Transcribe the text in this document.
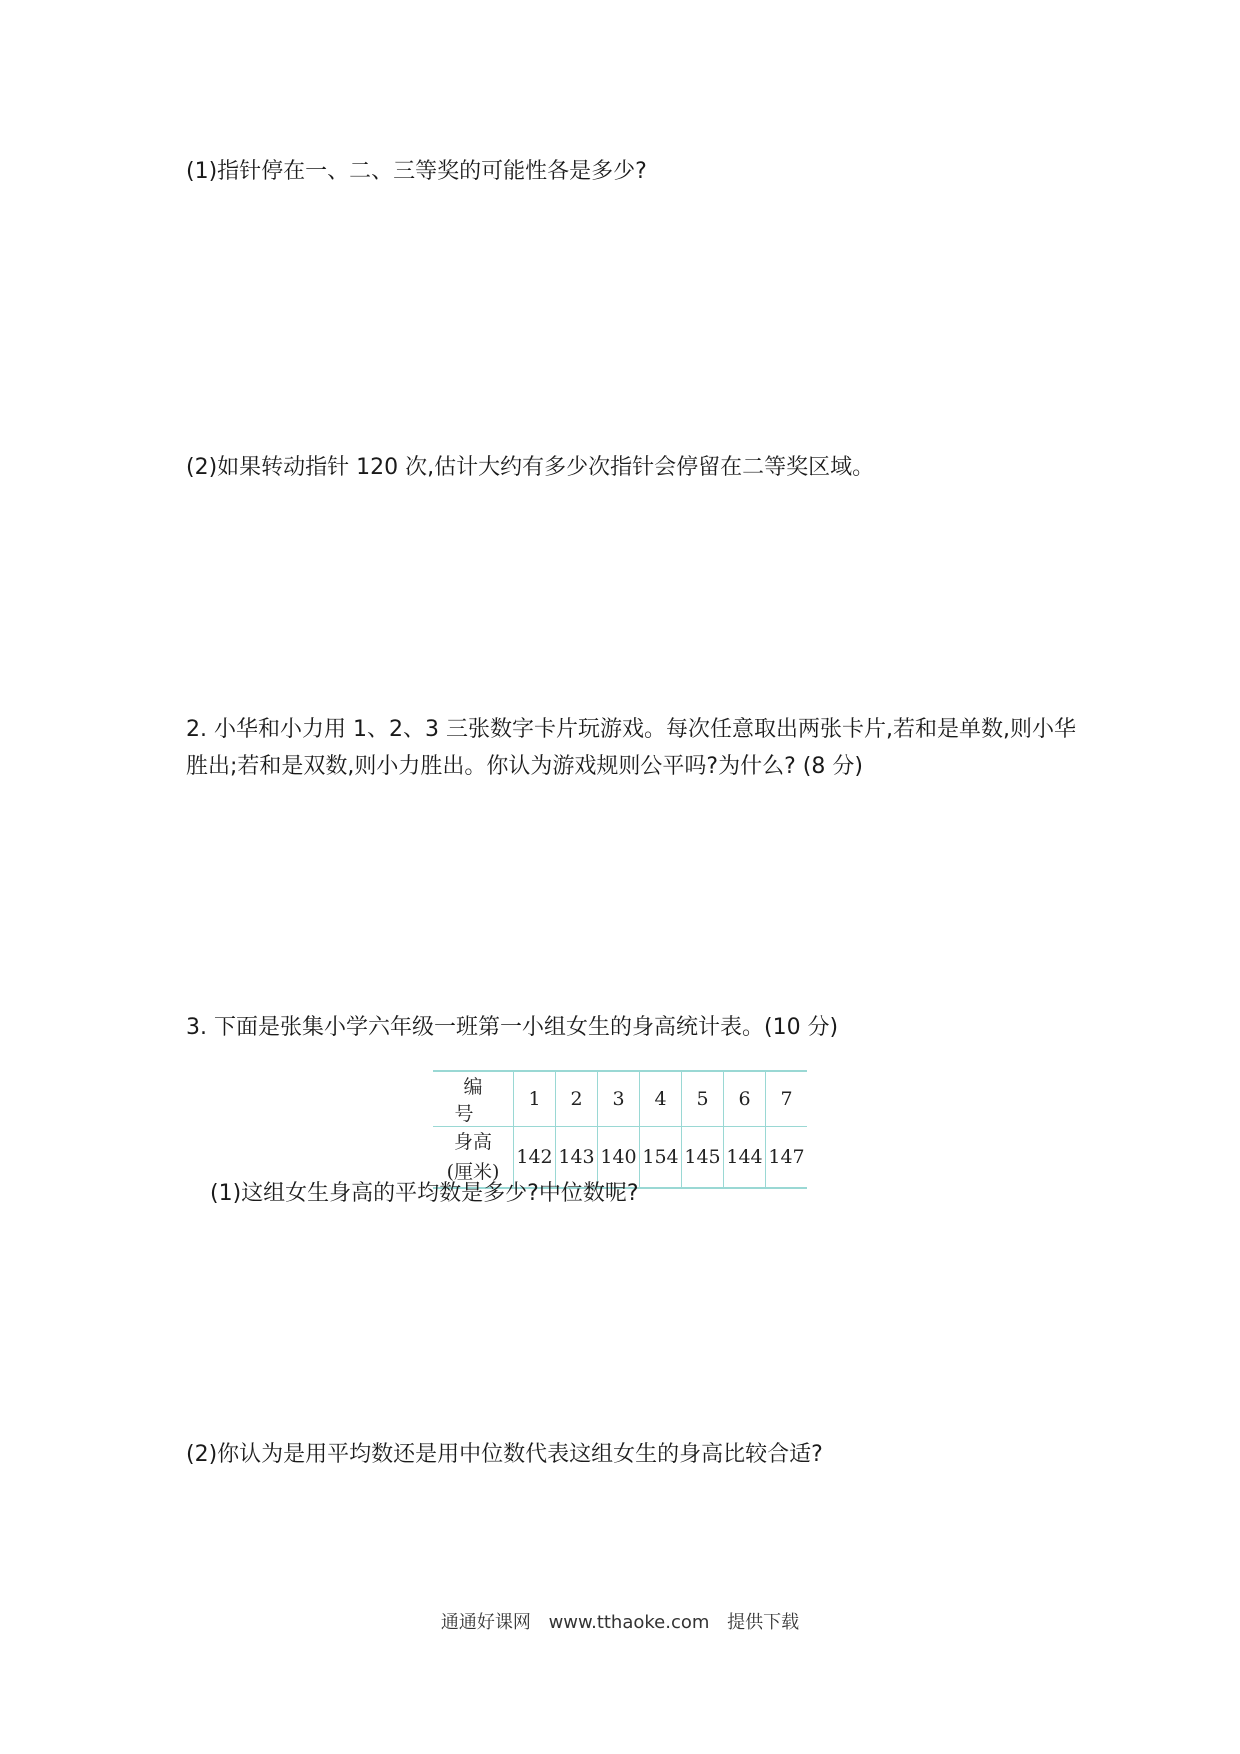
(1)指针停在一、二、三等奖的可能性各是多少?
(2)如果转动指针 120 次,估计大约有多少次指针会停留在二等奖区域。
2. 小华和小力用 1、2、3 三张数字卡片玩游戏。每次任意取出两张卡片,若和是单数,则小华
胜出;若和是双数,则小力胜出。你认为游戏规则公平吗?为什么? (8 分)
3. 下面是张集小学六年级一班第一小组女生的身高统计表。(10 分)
编号	1	2	3	4	5	6	7

身高
(厘米)	142	143	140	154	145	144	147
(1)这组女生身高的平均数是多少?中位数呢?
(2)你认为是用平均数还是用中位数代表这组女生的身高比较合适?
通通好课网 www.tthaoke.com 提供下载
